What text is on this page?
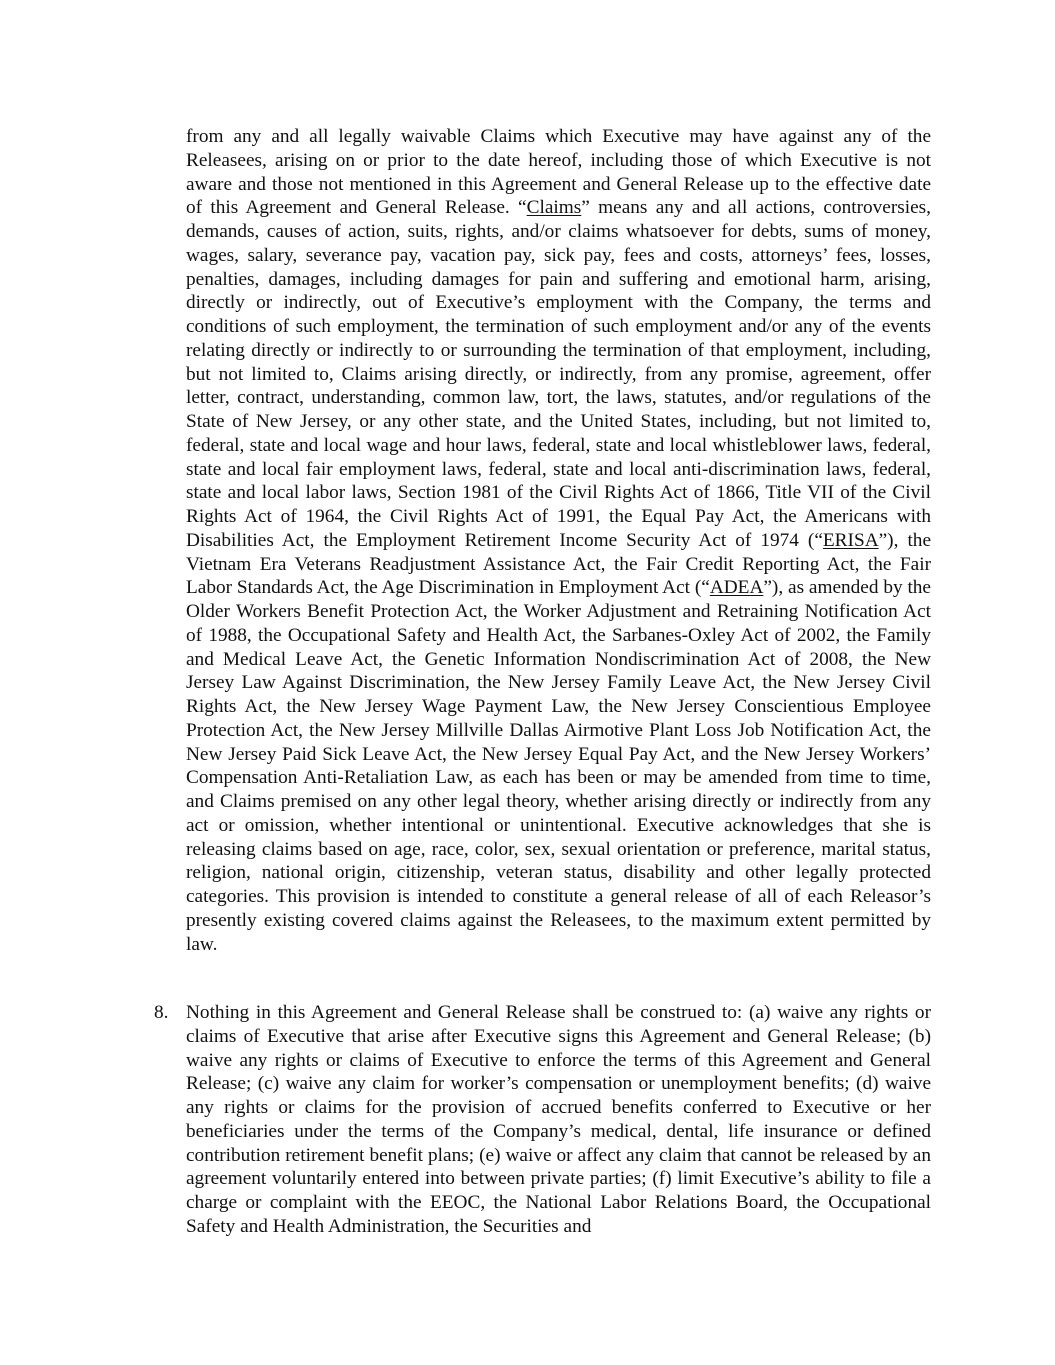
from any and all legally waivable Claims which Executive may have against any of the Releasees, arising on or prior to the date hereof, including those of which Executive is not aware and those not mentioned in this Agreement and General Release up to the effective date of this Agreement and General Release. “Claims” means any and all actions, controversies, demands, causes of action, suits, rights, and/or claims whatsoever for debts, sums of money, wages, salary, severance pay, vacation pay, sick pay, fees and costs, attorneys’ fees, losses, penalties, damages, including damages for pain and suffering and emotional harm, arising, directly or indirectly, out of Executive’s employment with the Company, the terms and conditions of such employment, the termination of such employment and/or any of the events relating directly or indirectly to or surrounding the termination of that employment, including, but not limited to, Claims arising directly, or indirectly, from any promise, agreement, offer letter, contract, understanding, common law, tort, the laws, statutes, and/or regulations of the State of New Jersey, or any other state, and the United States, including, but not limited to, federal, state and local wage and hour laws, federal, state and local whistleblower laws, federal, state and local fair employment laws, federal, state and local anti-discrimination laws, federal, state and local labor laws, Section 1981 of the Civil Rights Act of 1866, Title VII of the Civil Rights Act of 1964, the Civil Rights Act of 1991, the Equal Pay Act, the Americans with Disabilities Act, the Employment Retirement Income Security Act of 1974 (“ERISA”), the Vietnam Era Veterans Readjustment Assistance Act, the Fair Credit Reporting Act, the Fair Labor Standards Act, the Age Discrimination in Employment Act (“ADEA”), as amended by the Older Workers Benefit Protection Act, the Worker Adjustment and Retraining Notification Act of 1988, the Occupational Safety and Health Act, the Sarbanes-Oxley Act of 2002, the Family and Medical Leave Act, the Genetic Information Nondiscrimination Act of 2008, the New Jersey Law Against Discrimination, the New Jersey Family Leave Act, the New Jersey Civil Rights Act, the New Jersey Wage Payment Law, the New Jersey Conscientious Employee Protection Act, the New Jersey Millville Dallas Airmotive Plant Loss Job Notification Act, the New Jersey Paid Sick Leave Act, the New Jersey Equal Pay Act, and the New Jersey Workers’ Compensation Anti-Retaliation Law, as each has been or may be amended from time to time, and Claims premised on any other legal theory, whether arising directly or indirectly from any act or omission, whether intentional or unintentional. Executive acknowledges that she is releasing claims based on age, race, color, sex, sexual orientation or preference, marital status, religion, national origin, citizenship, veteran status, disability and other legally protected categories. This provision is intended to constitute a general release of all of each Releasor’s presently existing covered claims against the Releasees, to the maximum extent permitted by law.

8. Nothing in this Agreement and General Release shall be construed to: (a) waive any rights or claims of Executive that arise after Executive signs this Agreement and General Release; (b) waive any rights or claims of Executive to enforce the terms of this Agreement and General Release; (c) waive any claim for worker’s compensation or unemployment benefits; (d) waive any rights or claims for the provision of accrued benefits conferred to Executive or her beneficiaries under the terms of the Company’s medical, dental, life insurance or defined contribution retirement benefit plans; (e) waive or affect any claim that cannot be released by an agreement voluntarily entered into between private parties; (f) limit Executive’s ability to file a charge or complaint with the EEOC, the National Labor Relations Board, the Occupational Safety and Health Administration, the Securities and
